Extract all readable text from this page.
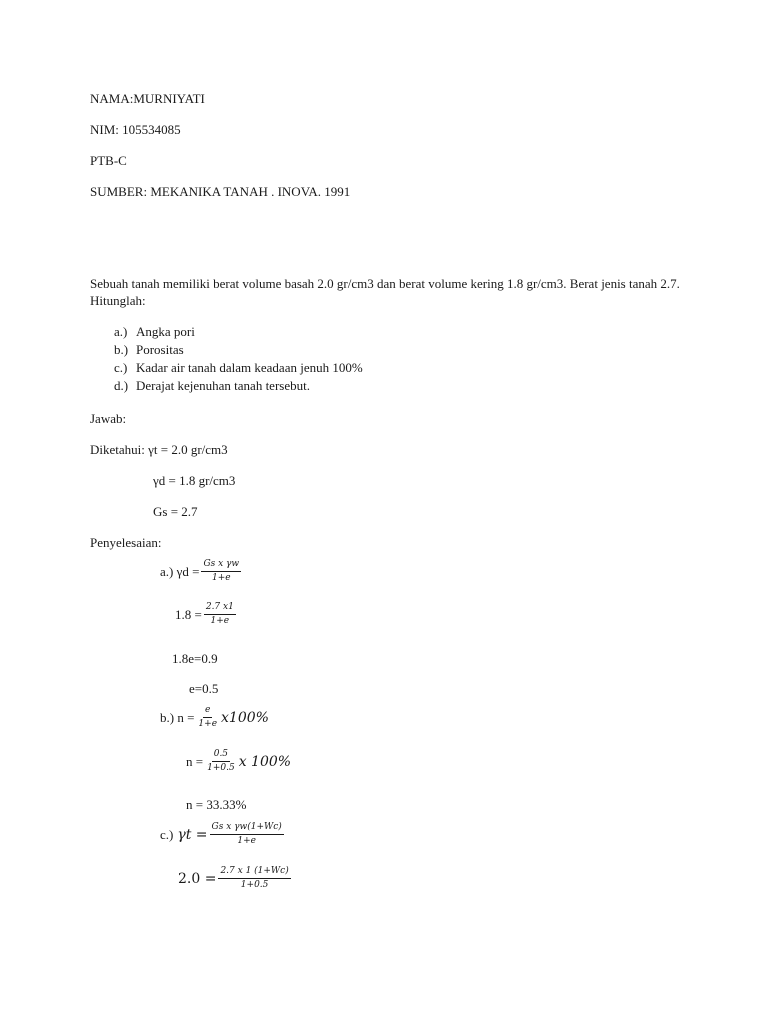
NAMA:MURNIYATI
NIM: 105534085
PTB-C
SUMBER: MEKANIKA TANAH . INOVA. 1991
Sebuah tanah memiliki berat volume basah 2.0 gr/cm3 dan berat volume kering 1.8 gr/cm3. Berat jenis tanah 2.7. Hitunglah:
a.) Angka pori
b.) Porositas
c.) Kadar air tanah dalam keadaan jenuh 100%
d.) Derajat kejenuhan tanah tersebut.
Jawab:
Diketahui: γt = 2.0 gr/cm3
γd = 1.8 gr/cm3
Gs = 2.7
Penyelesaian:
a.) $\gamma d = \frac{\text{Gs x γw}}{1+e}$
$1.8 = \frac{2.7 x1}{1+e}$
1.8e=0.9
e=0.5
b.) $n = \frac{e}{1+e} x100\%$
$n = \frac{0.5}{1+0.5}$ x 100%
n = 33.33%
c.) $\gamma t = \frac{\text{Gs x γw(1+Wc)}}{1+e}$
$2.0 = \frac{2.7 x 1 (1+Wc)}{1+0.5}$
